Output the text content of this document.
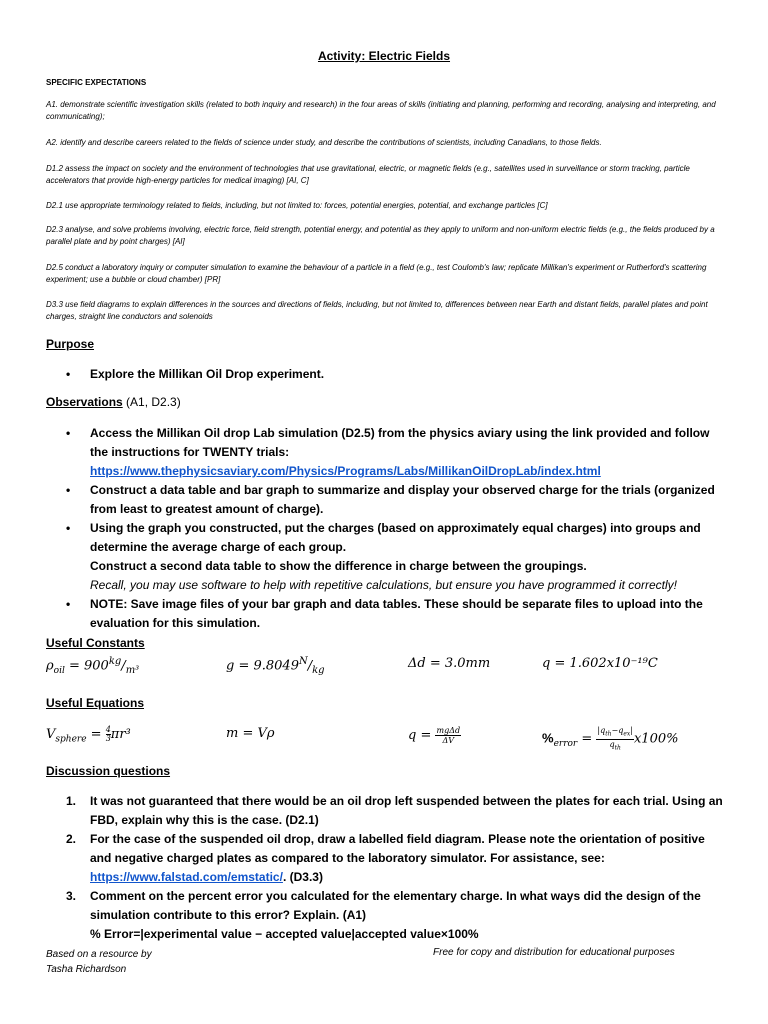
Activity: Electric Fields
SPECIFIC EXPECTATIONS
A1. demonstrate scientific investigation skills (related to both inquiry and research) in the four areas of skills (initiating and planning, performing and recording, analysing and interpreting, and communicating);
A2. identify and describe careers related to the fields of science under study, and describe the contributions of scientists, including Canadians, to those fields.
D1.2 assess the impact on society and the environment of technologies that use gravitational, electric, or magnetic fields (e.g., satellites used in surveillance or storm tracking, particle accelerators that provide high-energy particles for medical imaging) [AI, C]
D2.1 use appropriate terminology related to fields, including, but not limited to: forces, potential energies, potential, and exchange particles [C]
D2.3 analyse, and solve problems involving, electric force, field strength, potential energy, and potential as they apply to uniform and non-uniform electric fields (e.g., the fields produced by a parallel plate and by point charges) [AI]
D2.5 conduct a laboratory inquiry or computer simulation to examine the behaviour of a particle in a field (e.g., test Coulomb's law; replicate Millikan's experiment or Rutherford's scattering experiment; use a bubble or cloud chamber) [PR]
D3.3 use field diagrams to explain differences in the sources and directions of fields, including, but not limited to, differences between near Earth and distant fields, parallel plates and point charges, straight line conductors and solenoids
Purpose
• Explore the Millikan Oil Drop experiment.
Observations (A1, D2.3)
• Access the Millikan Oil drop Lab simulation (D2.5) from the physics aviary using the link provided and follow the instructions for TWENTY trials:
https://www.thephysicsaviary.com/Physics/Programs/Labs/MillikanOilDropLab/index.html
• Construct a data table and bar graph to summarize and display your observed charge for the trials (organized from least to greatest amount of charge).
• Using the graph you constructed, put the charges (based on approximately equal charges) into groups and determine the average charge of each group.
Construct a second data table to show the difference in charge between the groupings.
Recall, you may use software to help with repetitive calculations, but ensure you have programmed it correctly!
• NOTE: Save image files of your bar graph and data tables. These should be separate files to upload into the evaluation for this simulation.
Useful Constants
$\rho_{oil} = 900^{kg}/_{m^3}$	$g = 9.8049^N/_{kg}$	Δd = 3.0mm	q = 1.602x10⁻¹⁹C
Useful Equations
$V_{sphere} = \frac{4}{3} \pi r^3$	m = Vρ	q = mgΔd
ΔV	$\%_{error}$ =
$|q_{th}-q_{ex}|$
$q_{th}$
x100%
Discussion questions
1. It was not guaranteed that there would be an oil drop left suspended between the plates for each trial. Using an FBD, explain why this is the case. (D2.1)
2. For the case of the suspended oil drop, draw a labelled field diagram. Please note the orientation of positive and negative charged plates as compared to the laboratory simulator. For assistance, see: https://www.falstad.com/emstatic/. (D3.3)
3. Comment on the percent error you calculated for the elementary charge. In what ways did the design of the simulation contribute to this error? Explain. (A1)
% Error=|experimental value − accepted value|accepted value×100%
Based on a resource by
Tasha Richardson
Free for copy and distribution for educational purposes
